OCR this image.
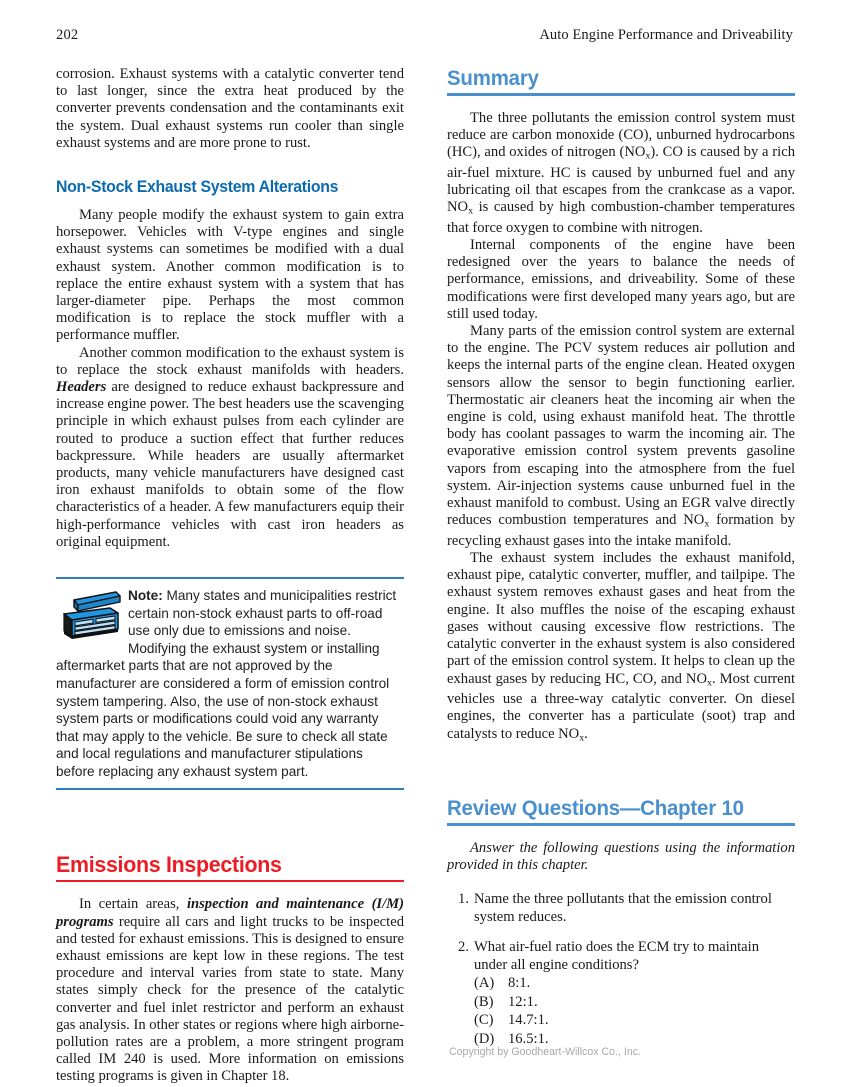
202	Auto Engine Performance and Driveability

corrosion. Exhaust systems with a catalytic converter tend to last longer, since the extra heat produced by the converter prevents condensation and the contaminants exit the system. Dual exhaust systems run cooler than single exhaust systems and are more prone to rust.

Non-Stock Exhaust System Alterations

Many people modify the exhaust system to gain extra horsepower. Vehicles with V-type engines and single exhaust systems can sometimes be modified with a dual exhaust system. Another common modification is to replace the entire exhaust system with a system that has larger-diameter pipe. Perhaps the most common modification is to replace the stock muffler with a performance muffler.

Another common modification to the exhaust system is to replace the stock exhaust manifolds with headers. Headers are designed to reduce exhaust backpressure and increase engine power. The best headers use the scavenging principle in which exhaust pulses from each cylinder are routed to produce a suction effect that further reduces backpressure. While headers are usually aftermarket products, many vehicle manufacturers have designed cast iron exhaust manifolds to obtain some of the flow characteristics of a header. A few manufacturers equip their high-performance vehicles with cast iron headers as original equipment.

Note: Many states and municipalities restrict certain non-stock exhaust parts to off-road use only due to emissions and noise. Modifying the exhaust system or installing aftermarket parts that are not approved by the manufacturer are considered a form of emission control system tampering. Also, the use of non-stock exhaust system parts or modifications could void any warranty that may apply to the vehicle. Be sure to check all state and local regulations and manufacturer stipulations before replacing any exhaust system part.

Emissions Inspections

In certain areas, inspection and maintenance (I/M) programs require all cars and light trucks to be inspected and tested for exhaust emissions. This is designed to ensure exhaust emissions are kept low in these regions. The test procedure and interval varies from state to state. Many states simply check for the presence of the catalytic converter and fuel inlet restrictor and perform an exhaust gas analysis. In other states or regions where high airborne-pollution rates are a problem, a more stringent program called IM 240 is used. More information on emissions testing programs is given in Chapter 18.

Summary

The three pollutants the emission control system must reduce are carbon monoxide (CO), unburned hydrocarbons (HC), and oxides of nitrogen $(NO_x)$. CO is caused by a rich air-fuel mixture. HC is caused by unburned fuel and any lubricating oil that escapes from the crankcase as a vapor. $NO_x$ is caused by high combustion-chamber temperatures that force oxygen to combine with nitrogen.

Internal components of the engine have been redesigned over the years to balance the needs of performance, emissions, and driveability. Some of these modifications were first developed many years ago, but are still used today.

Many parts of the emission control system are external to the engine. The PCV system reduces air pollution and keeps the internal parts of the engine clean. Heated oxygen sensors allow the sensor to begin functioning earlier. Thermostatic air cleaners heat the incoming air when the engine is cold, using exhaust manifold heat. The throttle body has coolant passages to warm the incoming air. The evaporative emission control system prevents gasoline vapors from escaping into the atmosphere from the fuel system. Air-injection systems cause unburned fuel in the exhaust manifold to combust. Using an EGR valve directly reduces combustion temperatures and $NO_x$ formation by recycling exhaust gases into the intake manifold.

The exhaust system includes the exhaust manifold, exhaust pipe, catalytic converter, muffler, and tailpipe. The exhaust system removes exhaust gases and heat from the engine. It also muffles the noise of the escaping exhaust gases without causing excessive flow restrictions. The catalytic converter in the exhaust system is also considered part of the emission control system. It helps to clean up the exhaust gases by reducing HC, CO, and $NO_x$. Most current vehicles use a three-way catalytic converter. On diesel engines, the converter has a particulate (soot) trap and catalysts to reduce $NO_x$.

Review Questions—Chapter 10

Answer the following questions using the information provided in this chapter.

1. Name the three pollutants that the emission control system reduces.
2. What air-fuel ratio does the ECM try to maintain under all engine conditions?
(A) 8:1.
(B) 12:1.
(C) 14.7:1.
(D) 16.5:1.
Copyright by Goodheart-Willcox Co., Inc.
